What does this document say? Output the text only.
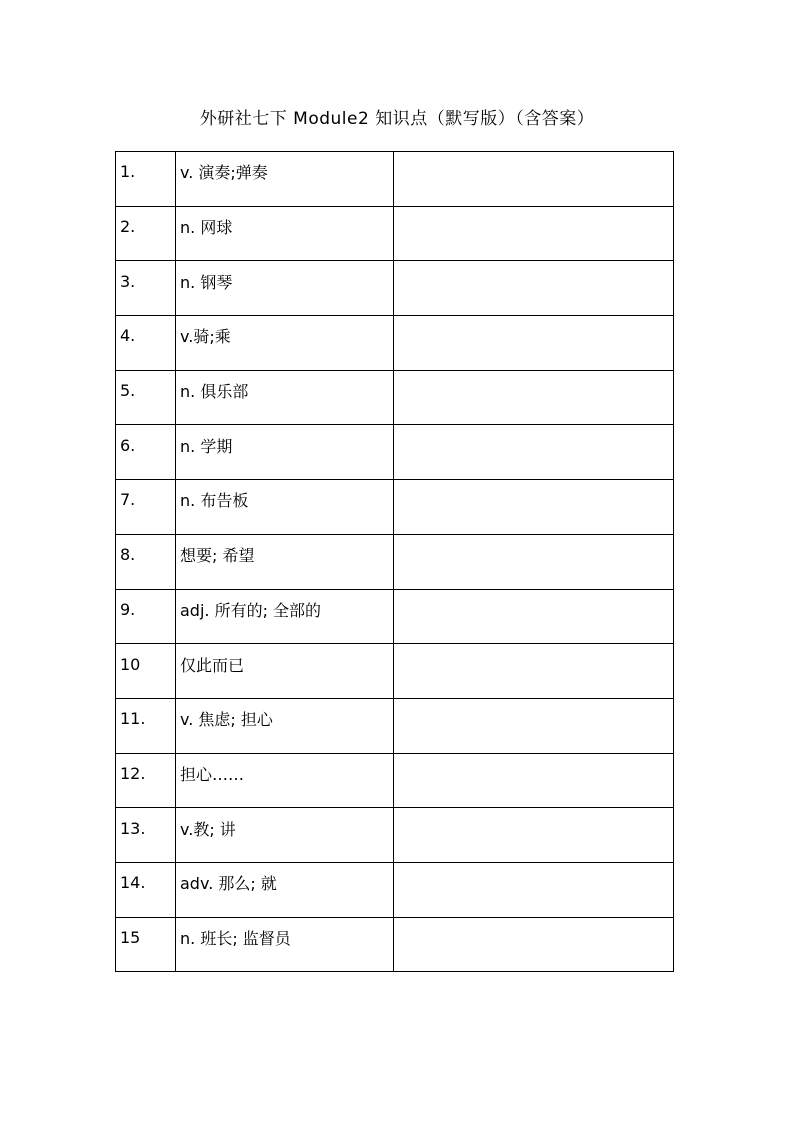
外研社七下 Module2 知识点（默写版）（含答案）
1.	v. 演奏;弹奏	
2.	n. 网球	
3.	n. 钢琴	
4.	v.骑;乘	
5.	n. 俱乐部	
6.	n. 学期	
7.	n. 布告板	
8.	想要; 希望	
9.	adj. 所有的; 全部的	
10	仅此而已	
11.	v. 焦虑; 担心	
12.	担心……	
13.	v.教; 讲	
14.	adv. 那么; 就	
15	n. 班长; 监督员	
